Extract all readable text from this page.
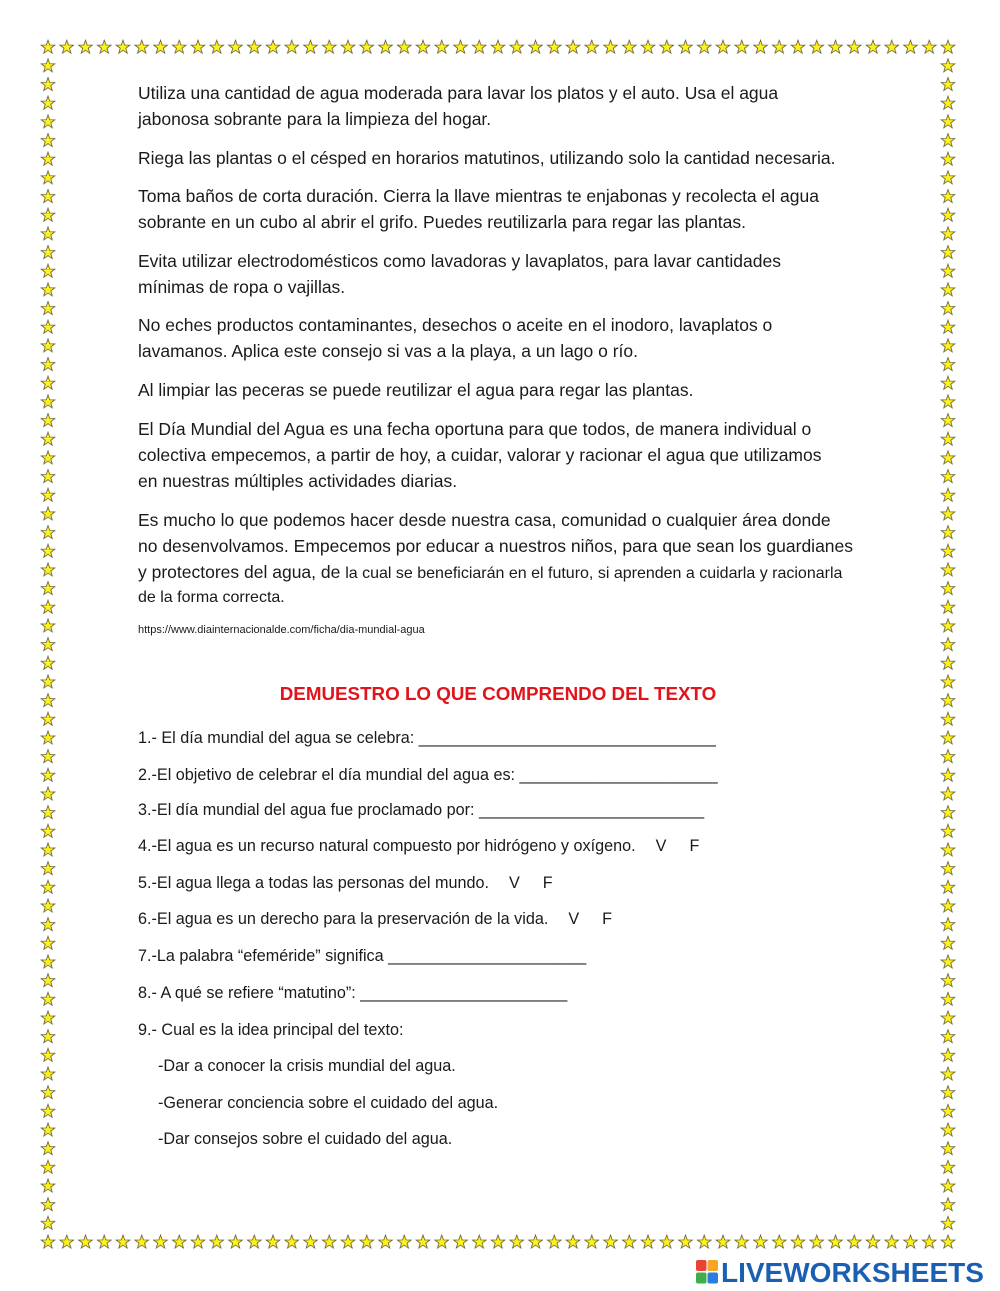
Utiliza una cantidad de agua moderada para lavar los platos y el auto. Usa el agua
jabonosa sobrante para la limpieza del hogar.
Riega las plantas o el césped en horarios matutinos, utilizando solo la cantidad necesaria.
Toma baños de corta duración. Cierra la llave mientras te enjabonas y recolecta el agua
sobrante en un cubo al abrir el grifo. Puedes reutilizarla para regar las plantas.
Evita utilizar electrodomésticos como lavadoras y lavaplatos, para lavar cantidades
mínimas de ropa o vajillas.
No eches productos contaminantes, desechos o aceite en el inodoro, lavaplatos o
lavamanos. Aplica este consejo si vas a la playa, a un lago o río.
Al limpiar las peceras se puede reutilizar el agua para regar las plantas.
El Día Mundial del Agua es una fecha oportuna para que todos, de manera individual o
colectiva empecemos, a partir de hoy, a cuidar, valorar y racionar el agua que utilizamos
en nuestras múltiples actividades diarias.
Es mucho lo que podemos hacer desde nuestra casa, comunidad o cualquier área donde
no desenvolvamos. Empecemos por educar a nuestros niños, para que sean los guardianes
y protectores del agua, de la cual se beneficiarán en el futuro, si aprenden a cuidarla y racionarla
de la forma correcta.
https://www.diainternacionalde.com/ficha/dia-mundial-agua
DEMUESTRO LO QUE COMPRENDO DEL TEXTO
1.- El día mundial del agua se celebra: _________________________________
2.-El objetivo de celebrar el día mundial del agua es: ______________________
3.-El día mundial del agua fue proclamado por: _________________________
4.-El agua es un recurso natural compuesto por hidrógeno y oxígeno. V F
5.-El agua llega a todas las personas del mundo. V F
6.-El agua es un derecho para la preservación de la vida. V F
7.-La palabra “efeméride” significa ______________________
8.- A qué se refiere “matutino”: _______________________
9.- Cual es la idea principal del texto:
-Dar a conocer la crisis mundial del agua.
-Generar conciencia sobre el cuidado del agua.
-Dar consejos sobre el cuidado del agua.
LIVEWORKSHEETS
